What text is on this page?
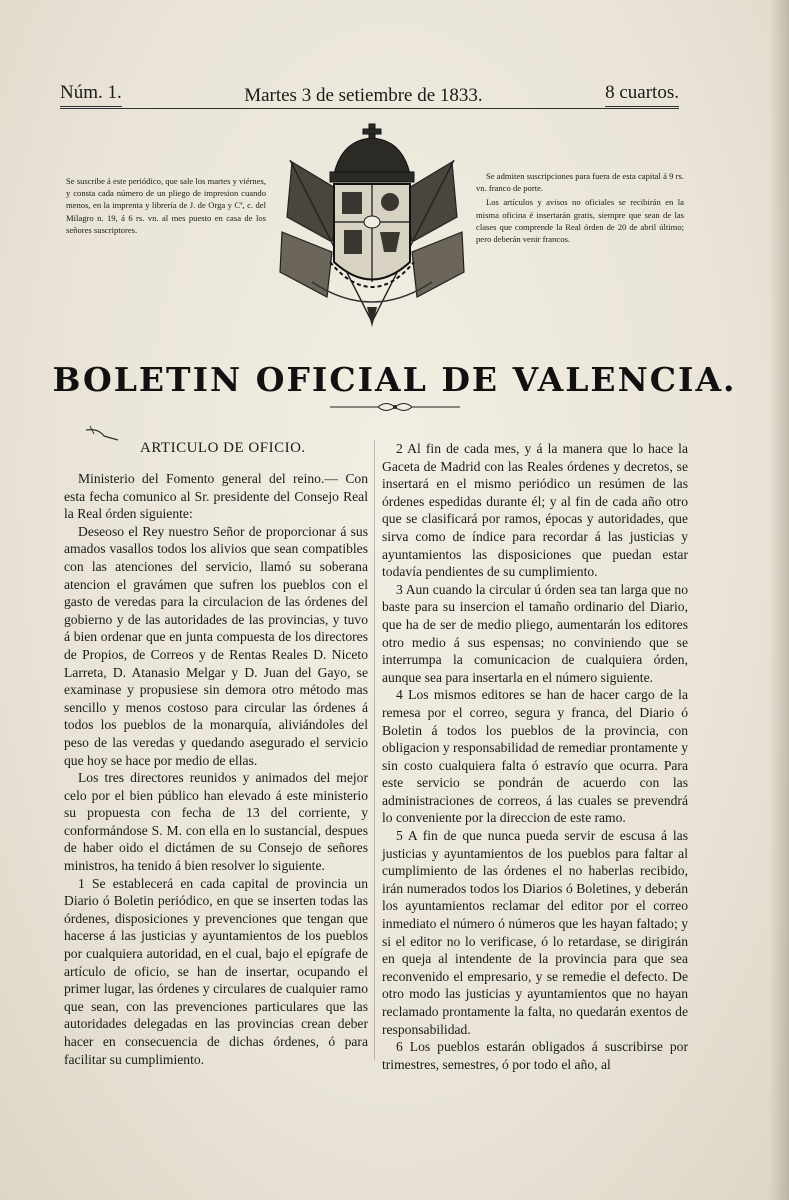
Núm. 1.	Martes 3 de setiembre de 1833.	8 cuartos.
Se suscribe á este periódico, que sale los martes y viérnes, y consta cada número de un pliego de impresion cuando menos, en la imprenta y librería de J. de Orga y Cª, c. del Milagro n. 19, á 6 rs. vn. al mes puesto en casa de los señores suscriptores.

Se admiten suscripciones para fuera de esta capital á 9 rs. vn. franco de porte.

Los artículos y avisos no oficiales se recibirán en la misma oficina é insertarán gratis, siempre que sean de las clases que comprende la Real órden de 20 de abril último; pero deberán venir francos.

BOLETIN OFICIAL DE VALENCIA.
ARTICULO DE OFICIO.

Ministerio del Fomento general del reino.— Con esta fecha comunico al Sr. presidente del Consejo Real la Real órden siguiente:

Deseoso el Rey nuestro Señor de proporcionar á sus amados vasallos todos los alivios que sean compatibles con las atenciones del servicio, llamó su soberana atencion el gravámen que sufren los pueblos con el gasto de veredas para la circulacion de las órdenes del gobierno y de las autoridades de las provincias, y tuvo á bien ordenar que en junta compuesta de los directores de Propios, de Correos y de Rentas Reales D. Niceto Larreta, D. Atanasio Melgar y D. Juan del Gayo, se examinase y propusiese sin demora otro método mas sencillo y menos costoso para circular las órdenes á todos los pueblos de la monarquía, aliviándoles del peso de las veredas y quedando asegurado el servicio que hoy se hace por medio de ellas.

Los tres directores reunidos y animados del mejor celo por el bien público han elevado á este ministerio su propuesta con fecha de 13 del corriente, y conformándose S. M. con ella en lo sustancial, despues de haber oido el dictámen de su Consejo de señores ministros, ha tenido á bien resolver lo siguiente.

1 Se establecerá en cada capital de provincia un Diario ó Boletin periódico, en que se inserten todas las órdenes, disposiciones y prevenciones que tengan que hacerse á las justicias y ayuntamientos de los pueblos por cualquiera autoridad, en el cual, bajo el epígrafe de artículo de oficio, se han de insertar, ocupando el primer lugar, las órdenes y circulares de cualquier ramo que sean, con las prevenciones particulares que las autoridades delegadas en las provincias crean deber hacer en consecuencia de dichas órdenes, ó para facilitar su cumplimiento.

2 Al fin de cada mes, y á la manera que lo hace la Gaceta de Madrid con las Reales órdenes y decretos, se insertará en el mismo periódico un resúmen de las órdenes espedidas durante él; y al fin de cada año otro que se clasificará por ramos, épocas y autoridades, que sirva como de índice para recordar á las justicias y ayuntamientos las disposiciones que puedan estar todavía pendientes de su cumplimiento.

3 Aun cuando la circular ú órden sea tan larga que no baste para su insercion el tamaño ordinario del Diario, que ha de ser de medio pliego, aumentarán los editores otro medio á sus espensas; no conviniendo que se interrumpa la comunicacion de cualquiera órden, aunque sea para insertarla en el número siguiente.

4 Los mismos editores se han de hacer cargo de la remesa por el correo, segura y franca, del Diario ó Boletin á todos los pueblos de la provincia, con obligacion y responsabilidad de remediar prontamente y sin costo cualquiera falta ó estravío que ocurra. Para este servicio se pondrán de acuerdo con las administraciones de correos, á las cuales se prevendrá lo conveniente por la direccion de este ramo.

5 A fin de que nunca pueda servir de escusa á las justicias y ayuntamientos de los pueblos para faltar al cumplimiento de las órdenes el no haberlas recibido, irán numerados todos los Diarios ó Boletines, y deberán los ayuntamientos reclamar del editor por el correo inmediato el número ó números que les hayan faltado; y si el editor no lo verificase, ó lo retardase, se dirigirán en queja al intendente de la provincia para que sea reconvenido el empresario, y se remedie el defecto. De otro modo las justicias y ayuntamientos que no hayan reclamado prontamente la falta, no quedarán exentos de responsabilidad.

6 Los pueblos estarán obligados á suscribirse por trimestres, semestres, ó por todo el año, al
